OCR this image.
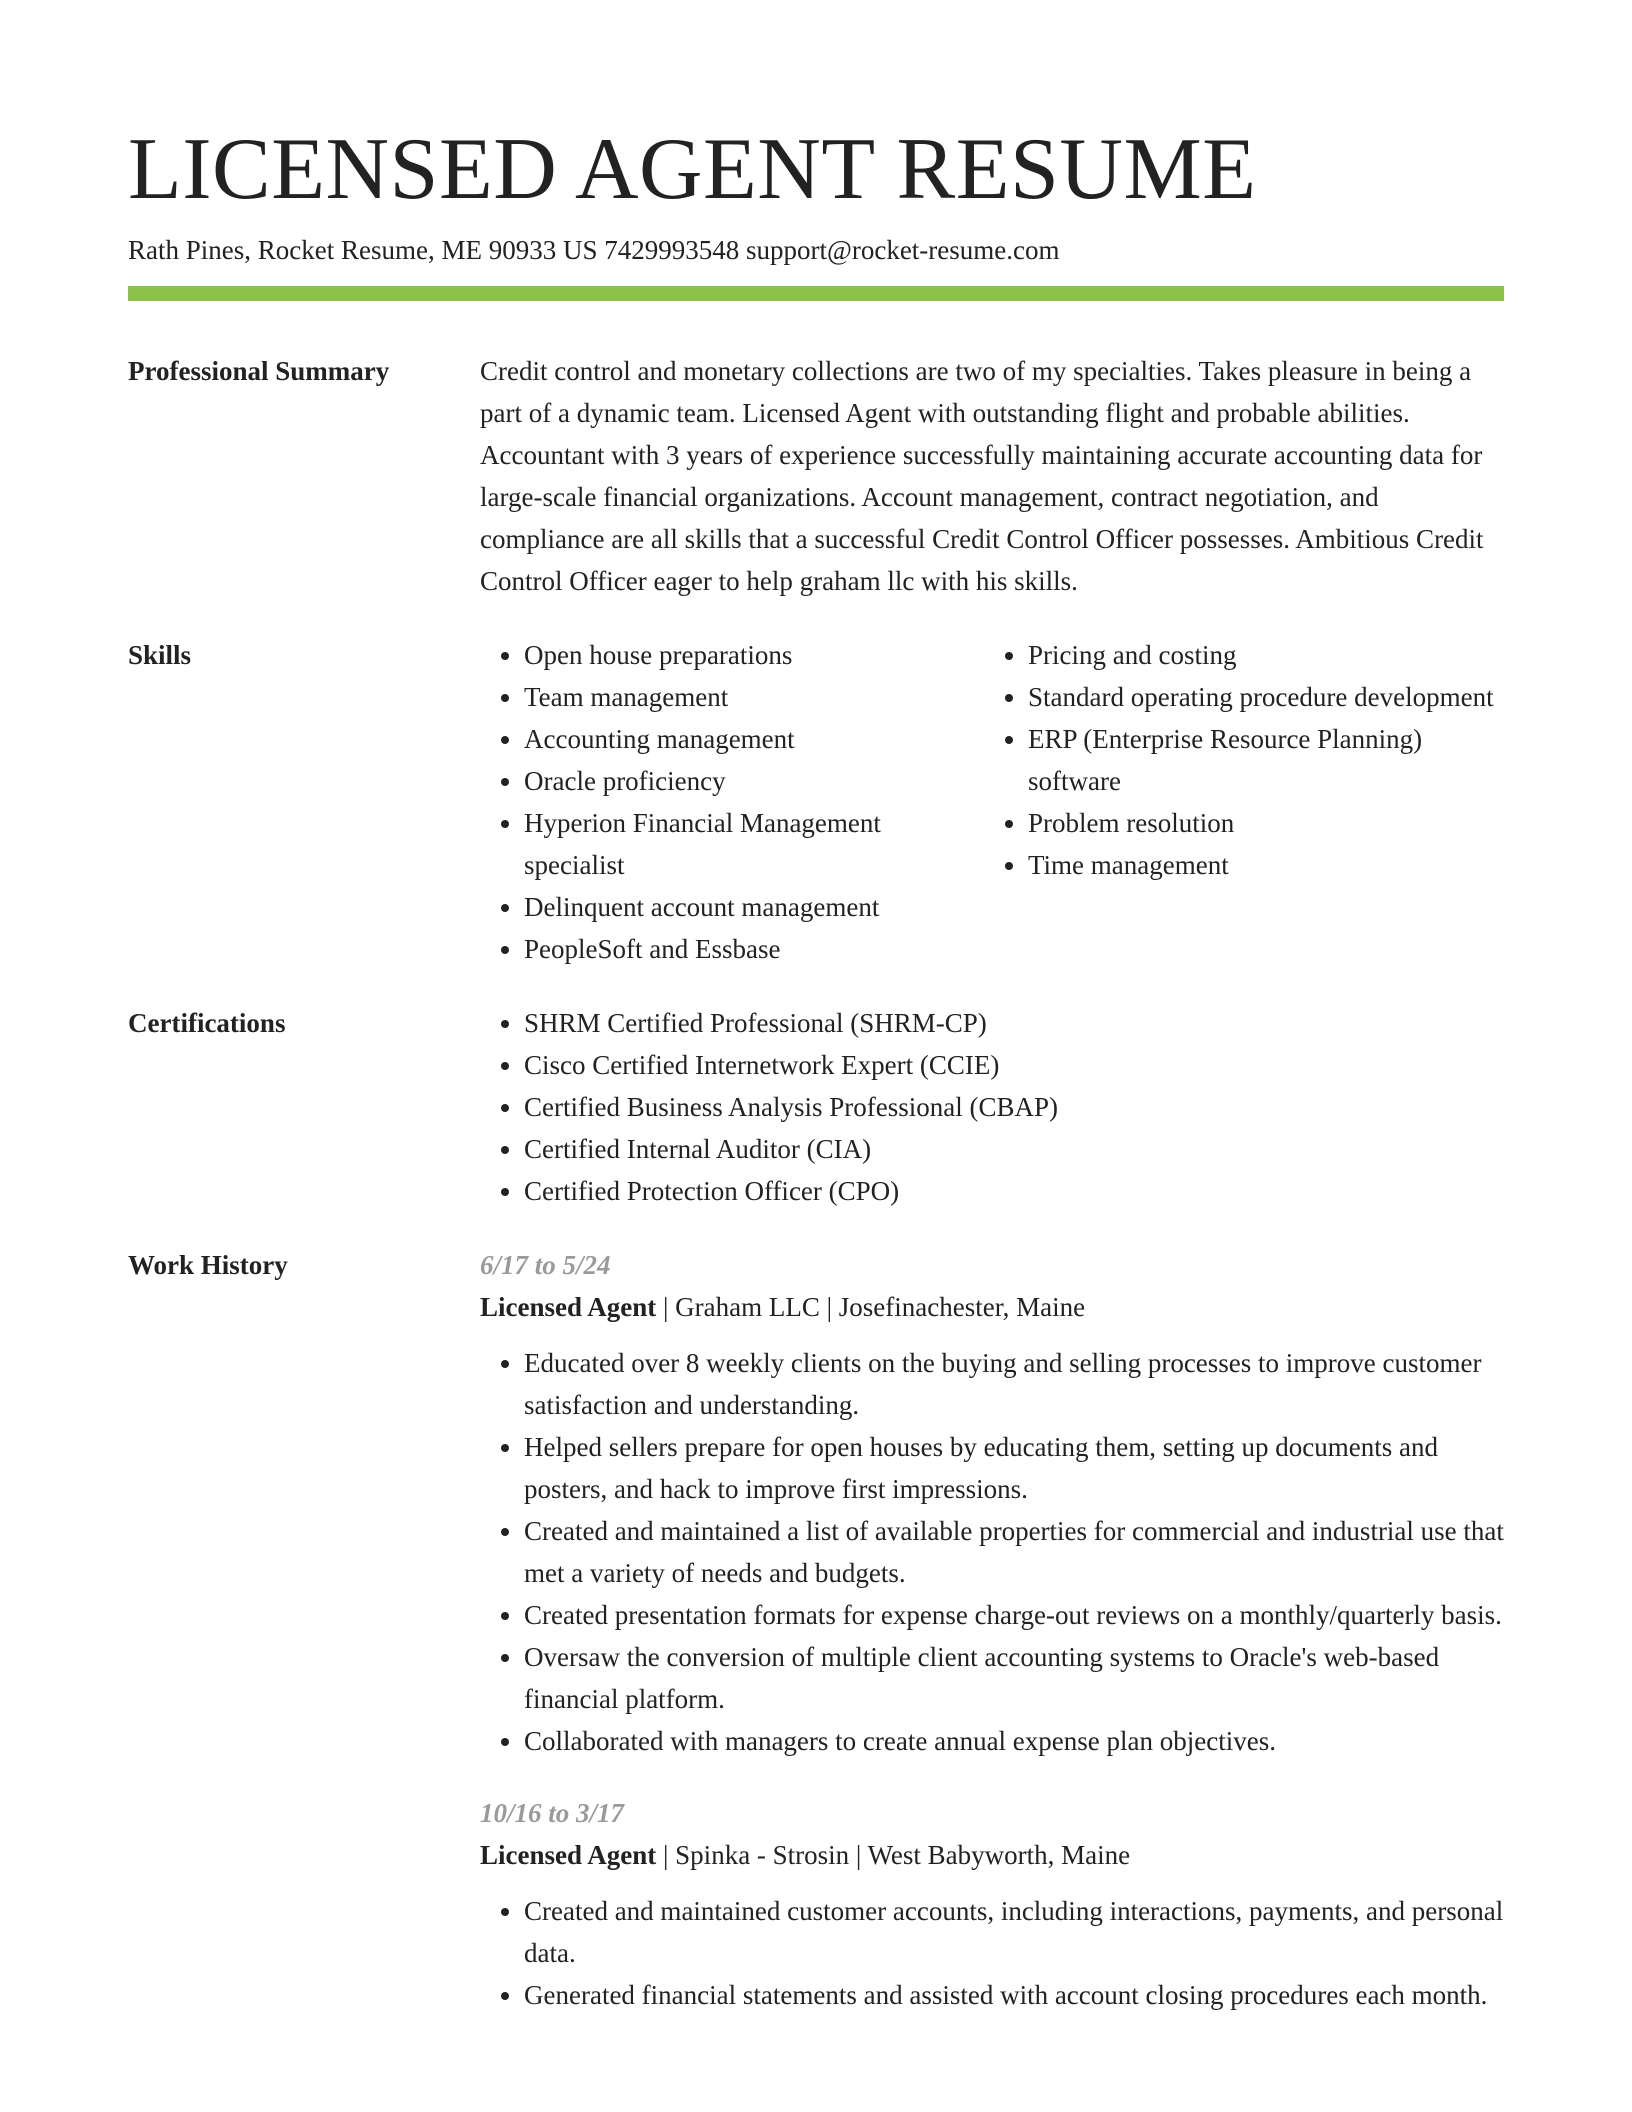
LICENSED AGENT RESUME
Rath Pines, Rocket Resume, ME 90933 US 7429993548 support@rocket-resume.com
Professional Summary	Credit control and monetary collections are two of my specialties. Takes pleasure in being a part of a dynamic team. Licensed Agent with outstanding flight and probable abilities. Accountant with 3 years of experience successfully maintaining accurate accounting data for large-scale financial organizations. Account management, contract negotiation, and compliance are all skills that a successful Credit Control Officer possesses. Ambitious Credit Control Officer eager to help graham llc with his skills.

Skills	• Open house preparations
• Team management
• Accounting management
• Oracle proficiency
• Hyperion Financial Management specialist
• Delinquent account management
• PeopleSoft and Essbase
• Pricing and costing
• Standard operating procedure development
• ERP (Enterprise Resource Planning) software
• Problem resolution
• Time management
Certifications	• SHRM Certified Professional (SHRM-CP)
• Cisco Certified Internetwork Expert (CCIE)
• Certified Business Analysis Professional (CBAP)
• Certified Internal Auditor (CIA)
• Certified Protection Officer (CPO)
Work History	6/17 to 5/24
Licensed Agent | Graham LLC | Josefinachester, Maine
• Educated over 8 weekly clients on the buying and selling processes to improve customer satisfaction and understanding.
• Helped sellers prepare for open houses by educating them, setting up documents and posters, and hack to improve first impressions.
• Created and maintained a list of available properties for commercial and industrial use that met a variety of needs and budgets.
• Created presentation formats for expense charge-out reviews on a monthly/quarterly basis.
• Oversaw the conversion of multiple client accounting systems to Oracle's web-based financial platform.
• Collaborated with managers to create annual expense plan objectives.
10/16 to 3/17
Licensed Agent | Spinka - Strosin | West Babyworth, Maine
• Created and maintained customer accounts, including interactions, payments, and personal data.
• Generated financial statements and assisted with account closing procedures each month.
